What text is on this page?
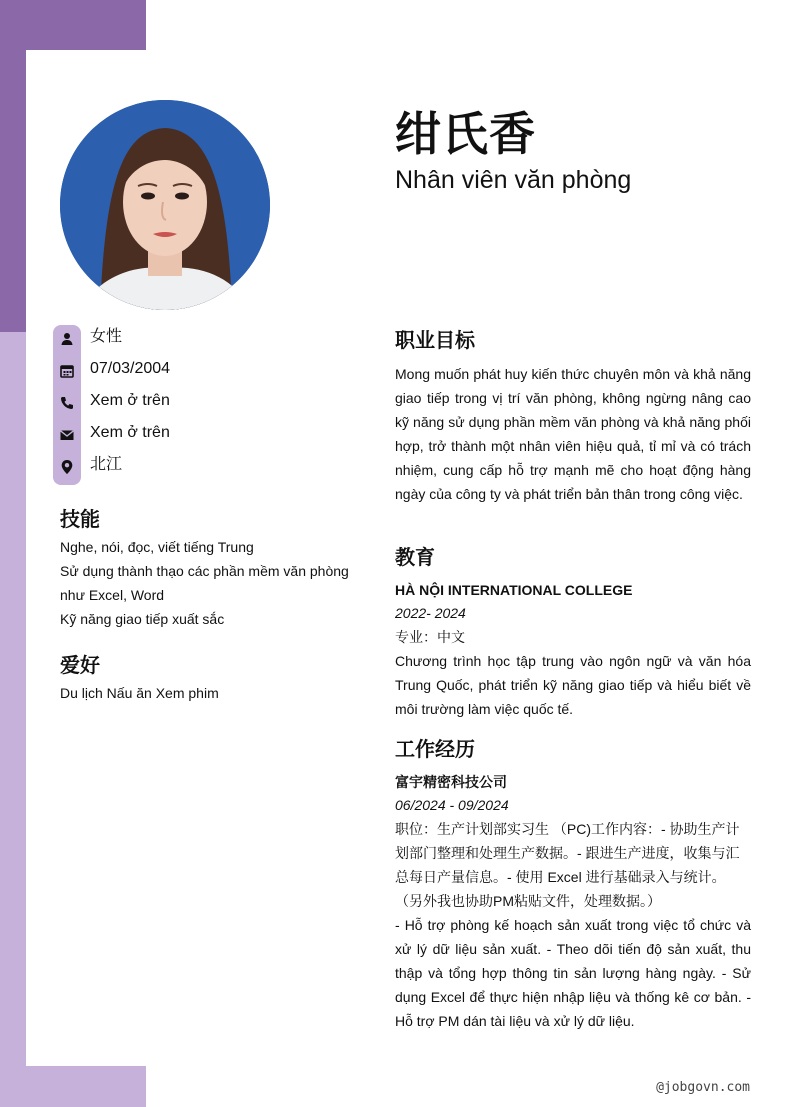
绀氏香
Nhân viên văn phòng
女性
07/03/2004
Xem ở trên
Xem ở trên
北江
技能
Nghe, nói, đọc, viết tiếng Trung
Sử dụng thành thạo các phần mềm văn phòng
như Excel, Word
Kỹ năng giao tiếp xuất sắc
爱好
Du lịch Nấu ăn Xem phim
职业目标
Mong muốn phát huy kiến thức chuyên môn và khả năng giao tiếp trong vị trí văn phòng, không ngừng nâng cao kỹ năng sử dụng phần mềm văn phòng và khả năng phối hợp, trở thành một nhân viên hiệu quả, tỉ mỉ và có trách nhiệm, cung cấp hỗ trợ mạnh mẽ cho hoạt động hàng ngày của công ty và phát triển bản thân trong công việc.
教育
HÀ NỘI INTERNATIONAL COLLEGE
2022- 2024
专业：中文
Chương trình học tập trung vào ngôn ngữ và văn hóa Trung Quốc, phát triển kỹ năng giao tiếp và hiểu biết về môi trường làm việc quốc tế.
工作经历
富宇精密科技公司
06/2024 - 09/2024
职位：生产计划部实习生 （PC)工作内容：- 协助生产计
划部门整理和处理生产数据。- 跟进生产进度，收集与汇
总每日产量信息。- 使用 Excel 进行基础录入与统计。
（另外我也协助PM粘贴文件，处理数据。）
- Hỗ trợ phòng kế hoạch sản xuất trong việc tổ chức và xử lý dữ liệu sản xuất. - Theo dõi tiến độ sản xuất, thu thập và tổng hợp thông tin sản lượng hàng ngày. - Sử dụng Excel để thực hiện nhập liệu và thống kê cơ bản. - Hỗ trợ PM dán tài liệu và xử lý dữ liệu.
@jobgovn.com
